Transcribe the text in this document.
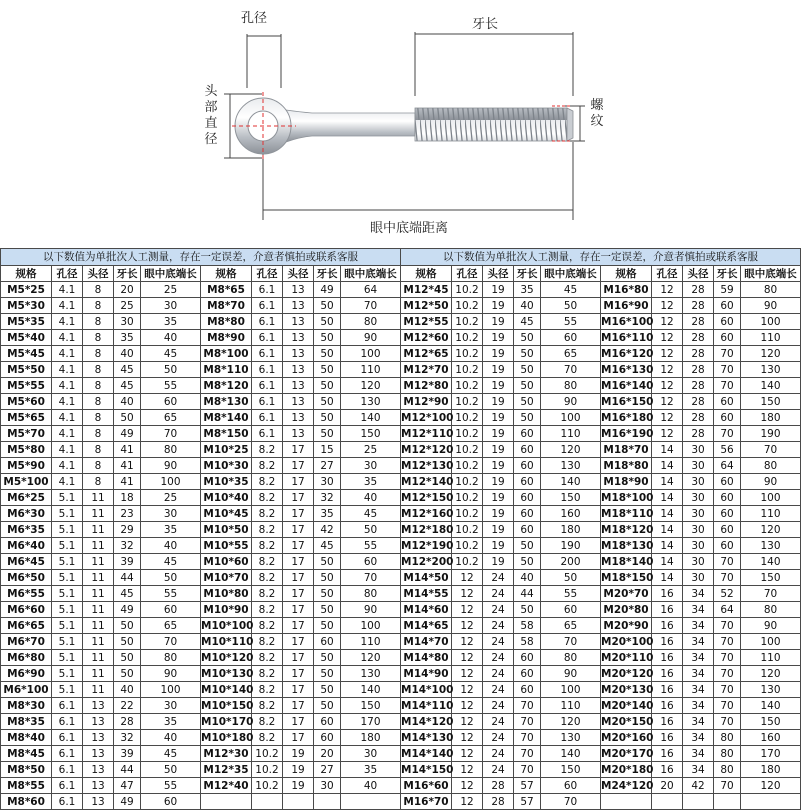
孔径	牙长
头部直径
螺纹
眼中底端距离
以下数值为单批次人工测量，存在一定误差，介意者慎拍或联系客服									
规格	孔径	头径	牙长	眼中底端长	规格	孔径	头径	牙长	眼中底端长
M5*25	4.1	8	20	25	M8*65	6.1	13	49	64
M5*30	4.1	8	25	30	M8*70	6.1	13	50	70
M5*35	4.1	8	30	35	M8*80	6.1	13	50	80
M5*40	4.1	8	35	40	M8*90	6.1	13	50	90
M5*45	4.1	8	40	45	M8*100	6.1	13	50	100
M5*50	4.1	8	45	50	M8*110	6.1	13	50	110
M5*55	4.1	8	45	55	M8*120	6.1	13	50	120
M5*60	4.1	8	40	60	M8*130	6.1	13	50	130
M5*65	4.1	8	50	65	M8*140	6.1	13	50	140
M5*70	4.1	8	49	70	M8*150	6.1	13	50	150
M5*80	4.1	8	41	80	M10*25	8.2	17	15	25
M5*90	4.1	8	41	90	M10*30	8.2	17	27	30
M5*100	4.1	8	41	100	M10*35	8.2	17	30	35
M6*25	5.1	11	18	25	M10*40	8.2	17	32	40
M6*30	5.1	11	23	30	M10*45	8.2	17	35	45
M6*35	5.1	11	29	35	M10*50	8.2	17	42	50
M6*40	5.1	11	32	40	M10*55	8.2	17	45	55
M6*45	5.1	11	39	45	M10*60	8.2	17	50	60
M6*50	5.1	11	44	50	M10*70	8.2	17	50	70
M6*55	5.1	11	45	55	M10*80	8.2	17	50	80
M6*60	5.1	11	49	60	M10*90	8.2	17	50	90
M6*65	5.1	11	50	65	M10*100	8.2	17	50	100
M6*70	5.1	11	50	70	M10*110	8.2	17	60	110
M6*80	5.1	11	50	80	M10*120	8.2	17	50	120
M6*90	5.1	11	50	90	M10*130	8.2	17	50	130
M6*100	5.1	11	40	100	M10*140	8.2	17	50	140
M8*30	6.1	13	22	30	M10*150	8.2	17	50	150
M8*35	6.1	13	28	35	M10*170	8.2	17	60	170
M8*40	6.1	13	32	40	M10*180	8.2	17	60	180
M8*45	6.1	13	39	45	M12*30	10.2	19	20	30
M8*50	6.1	13	44	50	M12*35	10.2	19	27	35
M8*55	6.1	13	47	55	M12*40	10.2	19	30	40
M8*60	6.1	13	49	60					
以下数值为单批次人工测量，存在一定误差，介意者慎拍或联系客服									
规格	孔径	头径	牙长	眼中底端长	规格	孔径	头径	牙长	眼中底端长
M12*45	10.2	19	35	45	M16*80	12	28	59	80
M12*50	10.2	19	40	50	M16*90	12	28	60	90
M12*55	10.2	19	45	55	M16*100	12	28	60	100
M12*60	10.2	19	50	60	M16*110	12	28	60	110
M12*65	10.2	19	50	65	M16*120	12	28	70	120
M12*70	10.2	19	50	70	M16*130	12	28	70	130
M12*80	10.2	19	50	80	M16*140	12	28	70	140
M12*90	10.2	19	50	90	M16*150	12	28	60	150
M12*100	10.2	19	50	100	M16*180	12	28	60	180
M12*110	10.2	19	60	110	M16*190	12	28	70	190
M12*120	10.2	19	60	120	M18*70	14	30	56	70
M12*130	10.2	19	60	130	M18*80	14	30	64	80
M12*140	10.2	19	60	140	M18*90	14	30	60	90
M12*150	10.2	19	60	150	M18*100	14	30	60	100
M12*160	10.2	19	60	160	M18*110	14	30	60	110
M12*180	10.2	19	60	180	M18*120	14	30	60	120
M12*190	10.2	19	50	190	M18*130	14	30	60	130
M12*200	10.2	19	50	200	M18*140	14	30	70	140
M14*50	12	24	40	50	M18*150	14	30	70	150
M14*55	12	24	44	55	M20*70	16	34	52	70
M14*60	12	24	50	60	M20*80	16	34	64	80
M14*65	12	24	58	65	M20*90	16	34	70	90
M14*70	12	24	58	70	M20*100	16	34	70	100
M14*80	12	24	60	80	M20*110	16	34	70	110
M14*90	12	24	60	90	M20*120	16	34	70	120
M14*100	12	24	60	100	M20*130	16	34	70	130
M14*110	12	24	70	110	M20*140	16	34	70	140
M14*120	12	24	70	120	M20*150	16	34	70	150
M14*130	12	24	70	130	M20*160	16	34	80	160
M14*140	12	24	70	140	M20*170	16	34	80	170
M14*150	12	24	70	150	M20*180	16	34	80	180
M16*60	12	28	57	60	M24*120	20	42	70	120
M16*70	12	28	57	70					
